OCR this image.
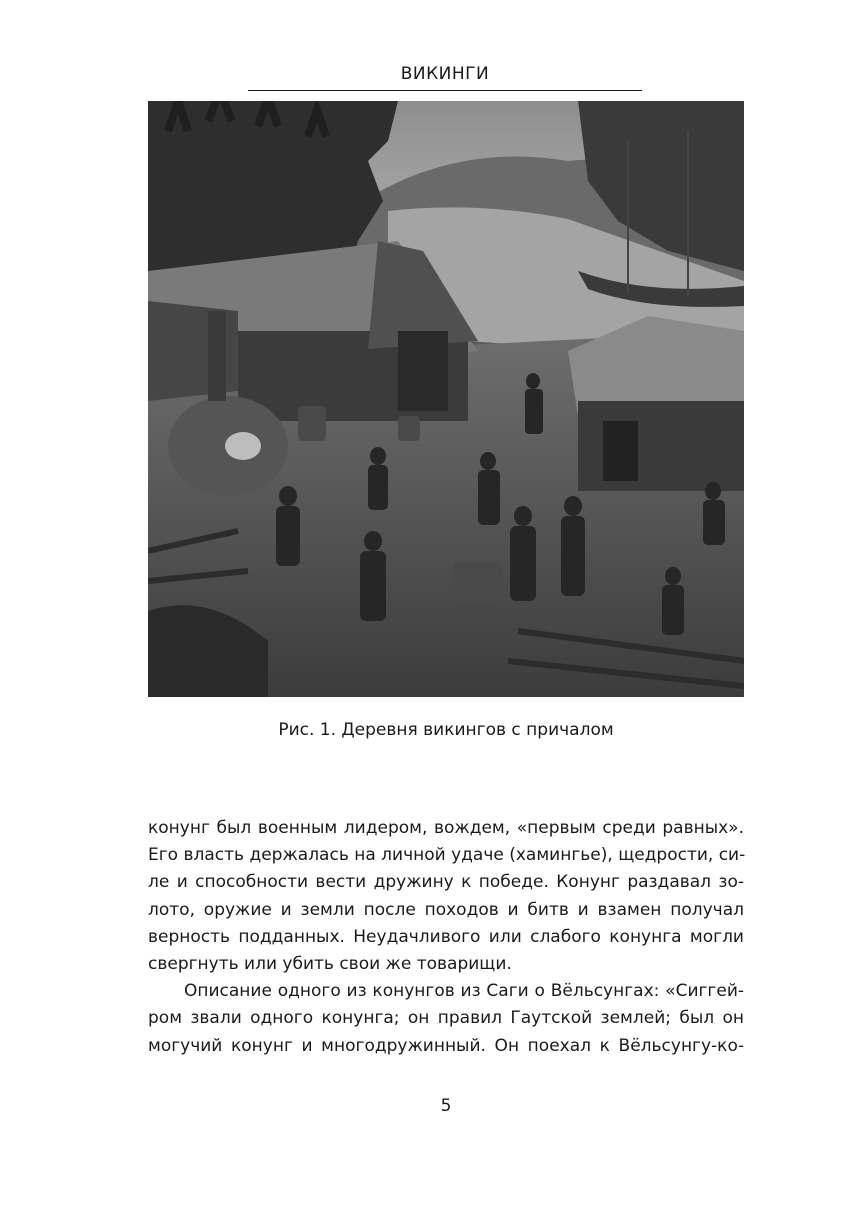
ВИКИНГИ
Рис. 1. Деревня викингов с причалом
конунг был военным лидером, вождем, «первым среди равных».
Его власть держалась на личной удаче (хамингье), щедрости, си-
ле и способности вести дружину к победе. Конунг раздавал зо-
лото, оружие и земли после походов и битв и взамен получал
верность подданных. Неудачливого или слабого конунга могли
свергнуть или убить свои же товарищи.
Описание одного из конунгов из Саги о Вёльсунгах: «Сиггей-
ром звали одного конунга; он правил Гаутской землей; был он
могучий конунг и многодружинный. Он поехал к Вёльсунгу-ко-
5
